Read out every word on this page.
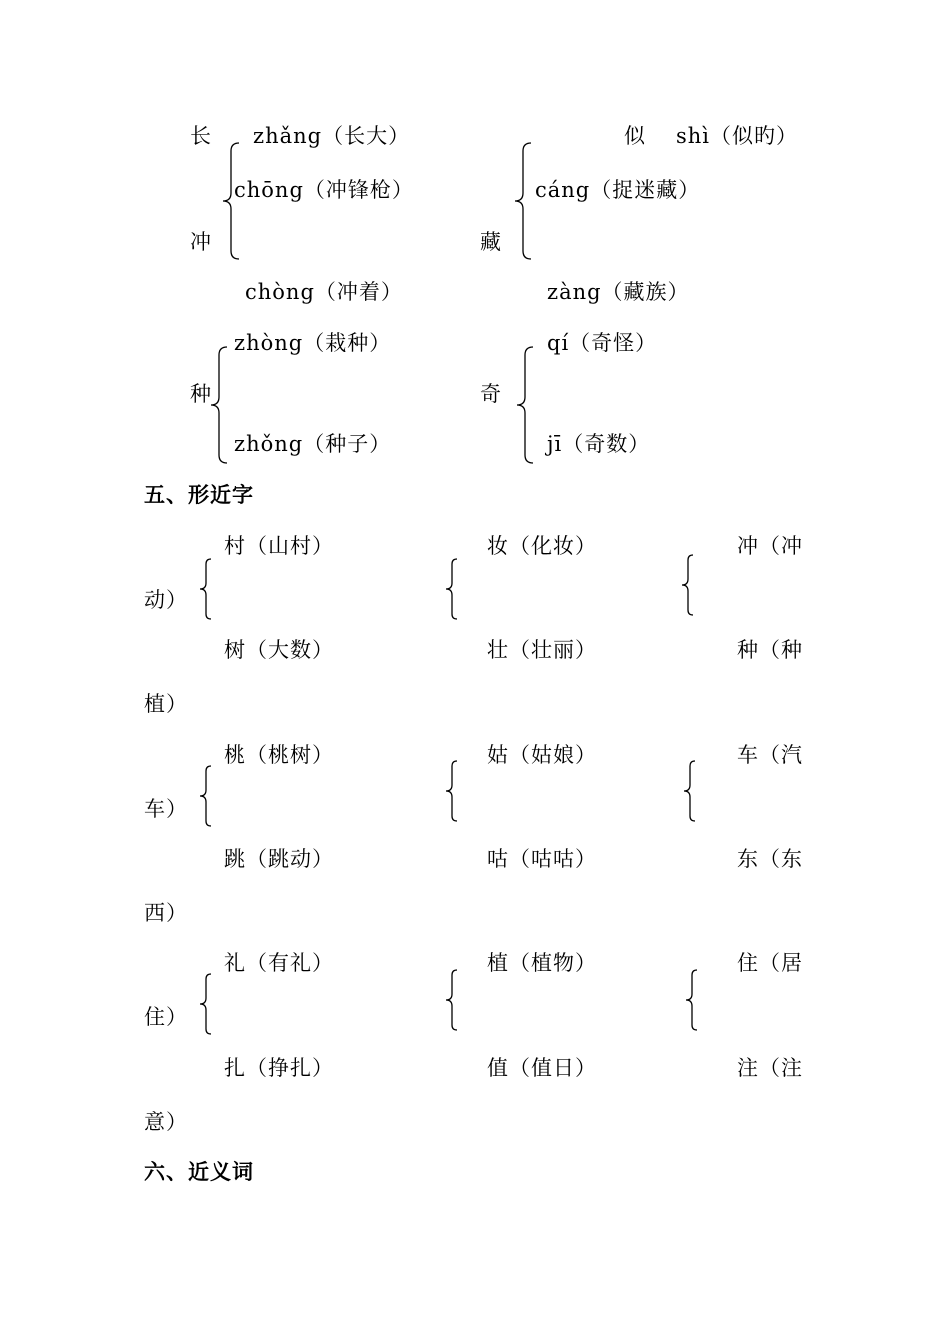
长 zhǎng（长大）
chōng（冲锋枪）
冲
chòng（冲着）
似 shì（似旳）
cáng（捉迷藏）
藏
zàng（藏族）
zhòng（栽种）
种
zhǒng（种子）
qí（奇怪）
奇
jī（奇数）
五、形近字
村（山村）	妆（化妆）	冲（冲
动）
树（大数）	壮（壮丽）	种（种
植）
桃（桃树）	姑（姑娘）	车（汽
车）
跳（跳动）	咕（咕咕）	东（东
西）
礼（有礼）	植（植物）	住（居
住）
扎（挣扎）	值（值日）	注（注
意）
六、近义词
